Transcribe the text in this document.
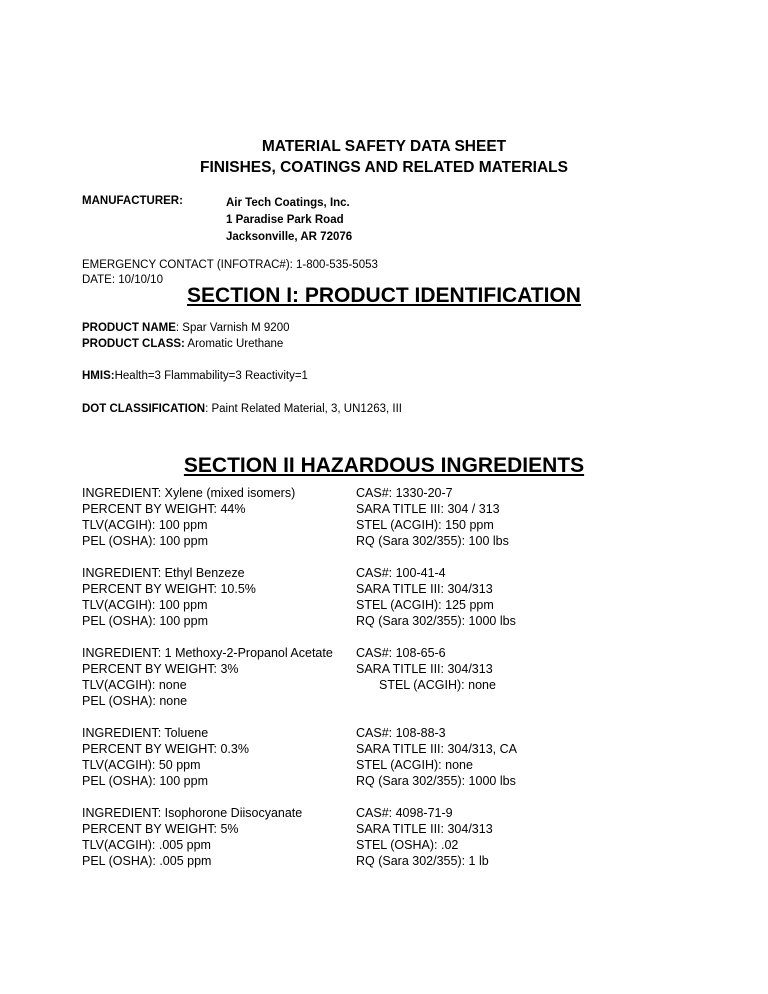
MATERIAL SAFETY DATA SHEET
FINISHES, COATINGS AND RELATED MATERIALS
MANUFACTURER:	Air Tech Coatings, Inc.
1 Paradise Park Road
Jacksonville, AR 72076
EMERGENCY CONTACT (INFOTRAC#): 1-800-535-5053
DATE: 10/10/10
SECTION I: PRODUCT IDENTIFICATION
PRODUCT NAME: Spar Varnish M 9200
PRODUCT CLASS: Aromatic Urethane
HMIS:Health=3 Flammability=3 Reactivity=1
DOT CLASSIFICATION: Paint Related Material, 3, UN1263, III
SECTION II HAZARDOUS INGREDIENTS
INGREDIENT: Xylene (mixed isomers)
PERCENT BY WEIGHT: 44%
TLV(ACGIH): 100 ppm
PEL (OSHA): 100 ppm
CAS#: 1330-20-7
SARA TITLE III: 304 / 313
STEL (ACGIH): 150 ppm
RQ (Sara 302/355): 100 lbs
INGREDIENT: Ethyl Benzeze
PERCENT BY WEIGHT: 10.5%
TLV(ACGIH): 100 ppm
PEL (OSHA): 100 ppm
CAS#: 100-41-4
SARA TITLE III: 304/313
STEL (ACGIH): 125 ppm
RQ (Sara 302/355): 1000 lbs
INGREDIENT: 1 Methoxy-2-Propanol Acetate
PERCENT BY WEIGHT: 3%
TLV(ACGIH): none
PEL (OSHA): none
CAS#: 108-65-6
SARA TITLE III: 304/313
STEL (ACGIH): none
INGREDIENT: Toluene
PERCENT BY WEIGHT: 0.3%
TLV(ACGIH): 50 ppm
PEL (OSHA): 100 ppm
CAS#: 108-88-3
SARA TITLE III: 304/313, CA
STEL (ACGIH): none
RQ (Sara 302/355): 1000 lbs
INGREDIENT: Isophorone Diisocyanate
PERCENT BY WEIGHT: 5%
TLV(ACGIH): .005 ppm
PEL (OSHA): .005 ppm
CAS#: 4098-71-9
SARA TITLE III: 304/313
STEL (OSHA): .02
RQ (Sara 302/355): 1 lb
